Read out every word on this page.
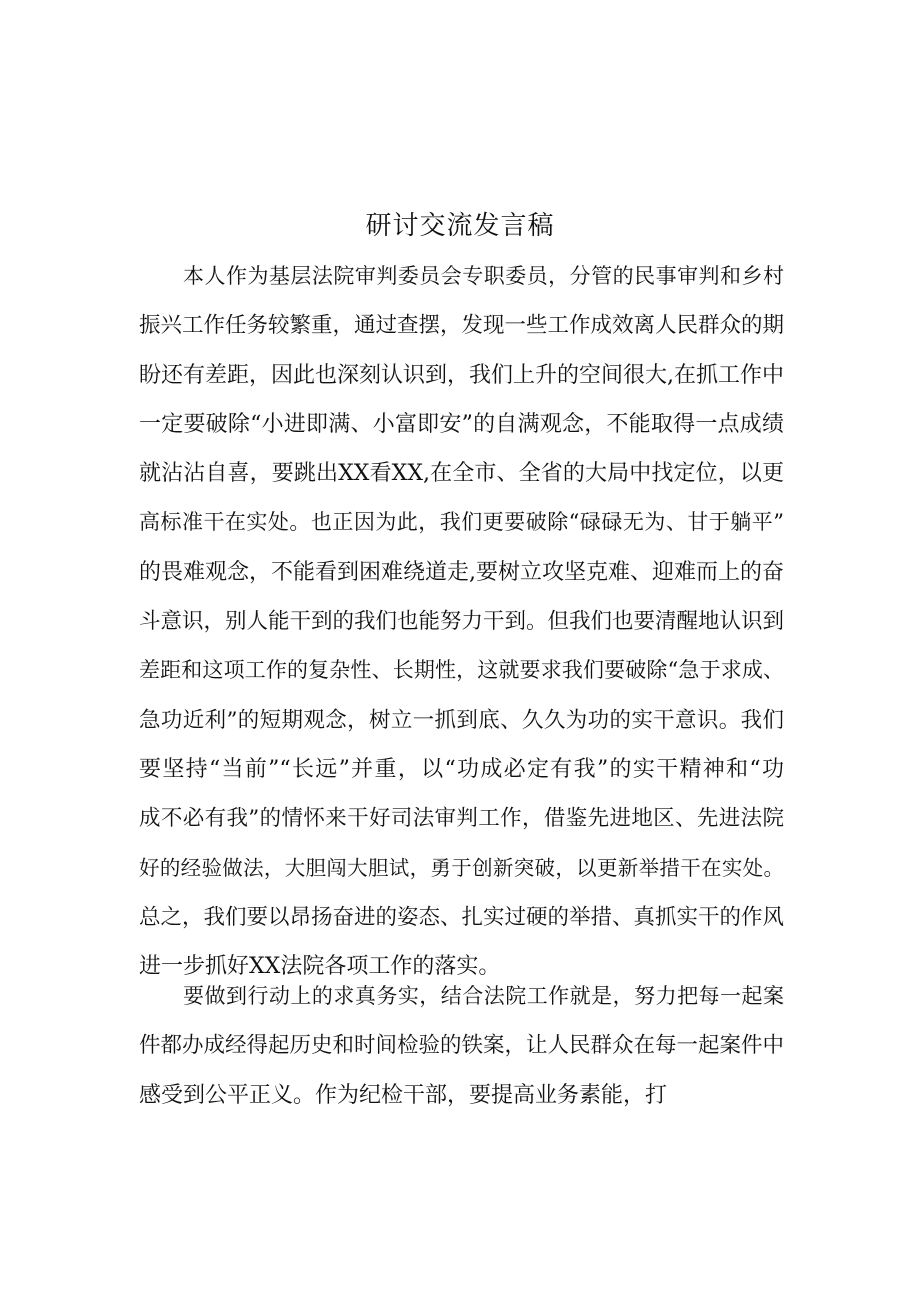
研讨交流发言稿
本人作为基层法院审判委员会专职委员，分管的民事审判和乡村
振兴工作任务较繁重，通过查摆，发现一些工作成效离人民群众的期
盼还有差距，因此也深刻认识到，我们上升的空间很大,在抓工作中
一定要破除“小进即满、小富即安”的自满观念，不能取得一点成绩
就沾沾自喜，要跳出XX看XX,在全市、全省的大局中找定位，以更
高标准干在实处。也正因为此，我们更要破除“碌碌无为、甘于躺平”
的畏难观念，不能看到困难绕道走,要树立攻坚克难、迎难而上的奋
斗意识，别人能干到的我们也能努力干到。但我们也要清醒地认识到
差距和这项工作的复杂性、长期性，这就要求我们要破除“急于求成、
急功近利”的短期观念，树立一抓到底、久久为功的实干意识。我们
要坚持“当前”“长远”并重，以“功成必定有我”的实干精神和“功
成不必有我”的情怀来干好司法审判工作，借鉴先进地区、先进法院
好的经验做法，大胆闯大胆试，勇于创新突破，以更新举措干在实处。
总之，我们要以昂扬奋进的姿态、扎实过硬的举措、真抓实干的作风
进一步抓好XX法院各项工作的落实。
要做到行动上的求真务实，结合法院工作就是，努力把每一起案
件都办成经得起历史和时间检验的铁案，让人民群众在每一起案件中
感受到公平正义。作为纪检干部，要提高业务素能，打
